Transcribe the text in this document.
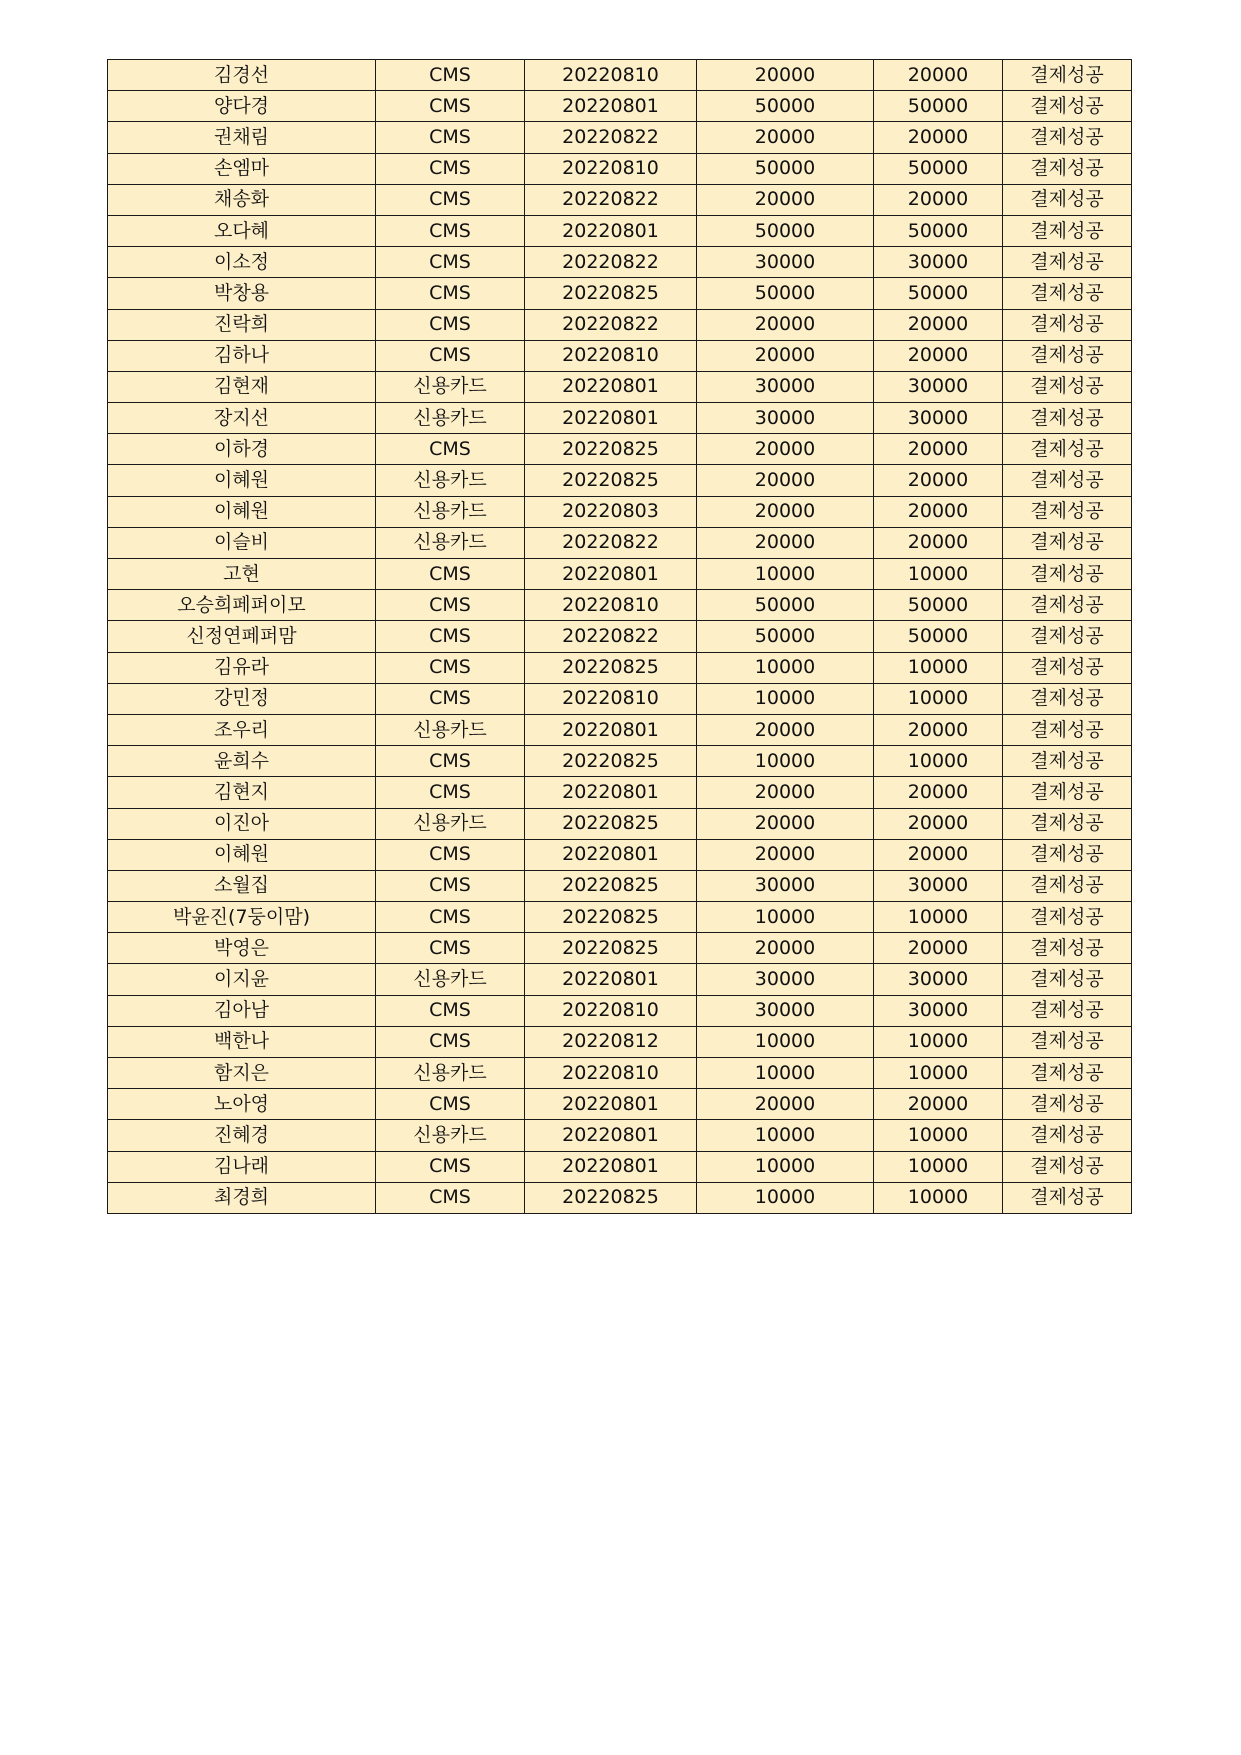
김경선	CMS	20220810	20000	20000	결제성공
양다경	CMS	20220801	50000	50000	결제성공
권채림	CMS	20220822	20000	20000	결제성공
손엠마	CMS	20220810	50000	50000	결제성공
채송화	CMS	20220822	20000	20000	결제성공
오다혜	CMS	20220801	50000	50000	결제성공
이소정	CMS	20220822	30000	30000	결제성공
박창용	CMS	20220825	50000	50000	결제성공
진락희	CMS	20220822	20000	20000	결제성공
김하나	CMS	20220810	20000	20000	결제성공
김현재	신용카드	20220801	30000	30000	결제성공
장지선	신용카드	20220801	30000	30000	결제성공
이하경	CMS	20220825	20000	20000	결제성공
이혜원	신용카드	20220825	20000	20000	결제성공
이혜원	신용카드	20220803	20000	20000	결제성공
이슬비	신용카드	20220822	20000	20000	결제성공
고현	CMS	20220801	10000	10000	결제성공
오승희페퍼이모	CMS	20220810	50000	50000	결제성공
신정연페퍼맘	CMS	20220822	50000	50000	결제성공
김유라	CMS	20220825	10000	10000	결제성공
강민정	CMS	20220810	10000	10000	결제성공
조우리	신용카드	20220801	20000	20000	결제성공
윤희수	CMS	20220825	10000	10000	결제성공
김현지	CMS	20220801	20000	20000	결제성공
이진아	신용카드	20220825	20000	20000	결제성공
이혜원	CMS	20220801	20000	20000	결제성공
소월집	CMS	20220825	30000	30000	결제성공
박윤진(7둥이맘)	CMS	20220825	10000	10000	결제성공
박영은	CMS	20220825	20000	20000	결제성공
이지윤	신용카드	20220801	30000	30000	결제성공
김아남	CMS	20220810	30000	30000	결제성공
백한나	CMS	20220812	10000	10000	결제성공
함지은	신용카드	20220810	10000	10000	결제성공
노아영	CMS	20220801	20000	20000	결제성공
진혜경	신용카드	20220801	10000	10000	결제성공
김나래	CMS	20220801	10000	10000	결제성공
최경희	CMS	20220825	10000	10000	결제성공
